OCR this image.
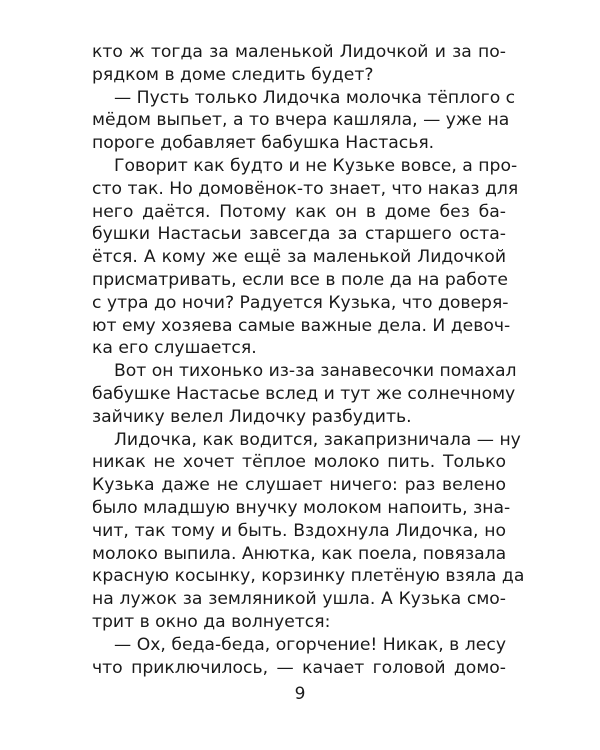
кто ж тогда за маленькой Лидочкой и за по-
рядком в доме следить будет?
— Пусть только Лидочка молочка тёплого с
мёдом выпьет, а то вчера кашляла, — уже на
пороге добавляет бабушка Настасья.
Говорит как будто и не Кузьке вовсе, а про-
сто так. Но домовёнок-то знает, что наказ для
него даётся. Потому как он в доме без ба-
бушки Настасьи завсегда за старшего оста-
ётся. А кому же ещё за маленькой Лидочкой
присматривать, если все в поле да на работе
с утра до ночи? Радуется Кузька, что доверя-
ют ему хозяева самые важные дела. И девоч-
ка его слушается.
Вот он тихонько из-за занавесочки помахал
бабушке Настасье вслед и тут же солнечному
зайчику велел Лидочку разбудить.
Лидочка, как водится, закапризничала — ну
никак не хочет тёплое молоко пить. Только
Кузька даже не слушает ничего: раз велено
было младшую внучку молоком напоить, зна-
чит, так тому и быть. Вздохнула Лидочка, но
молоко выпила. Анютка, как поела, повязала
красную косынку, корзинку плетёную взяла да
на лужок за земляникой ушла. А Кузька смо-
трит в окно да волнуется:
— Ох, беда-беда, огорчение! Никак, в лесу
что приключилось, — качает головой домо-
9
